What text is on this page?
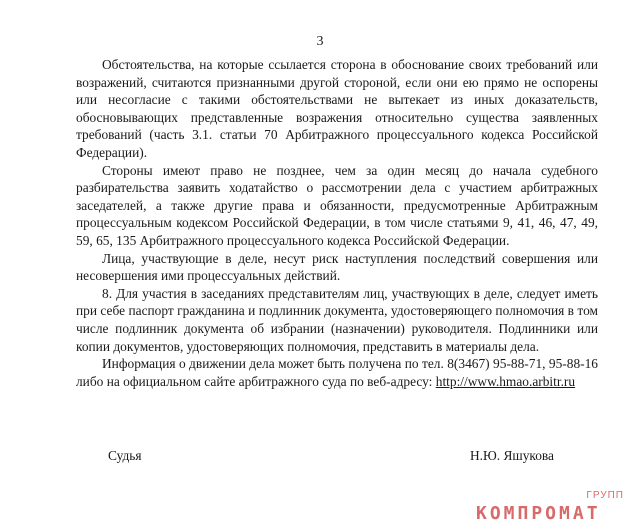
3

Обстоятельства, на которые ссылается сторона в обоснование своих требований или возражений, считаются признанными другой стороной, если они ею прямо не оспорены или несогласие с такими обстоятельствами не вытекает из иных доказательств, обосновывающих представленные возражения относительно существа заявленных требований (часть 3.1. статьи 70 Арбитражного процессуального кодекса Российской Федерации).

Стороны имеют право не позднее, чем за один месяц до начала судебного разбирательства заявить ходатайство о рассмотрении дела с участием арбитражных заседателей, а также другие права и обязанности, предусмотренные Арбитражным процессуальным кодексом Российской Федерации, в том числе статьями 9, 41, 46, 47, 49, 59, 65, 135 Арбитражного процессуального кодекса Российской Федерации.

Лица, участвующие в деле, несут риск наступления последствий совершения или несовершения ими процессуальных действий.

8. Для участия в заседаниях представителям лиц, участвующих в деле, следует иметь при себе паспорт гражданина и подлинник документа, удостоверяющего полномочия в том числе подлинник документа об избрании (назначении) руководителя. Подлинники или копии документов, удостоверяющих полномочия, представить в материалы дела.

Информация о движении дела может быть получена по тел. 8(3467) 95-88-71, 95-88-16 либо на официальном сайте арбитражного суда по веб-адресу: http://www.hmao.arbitr.ru

Судья	Н.Ю. Яшукова
ГРУПП
КОМПРОМАТ
